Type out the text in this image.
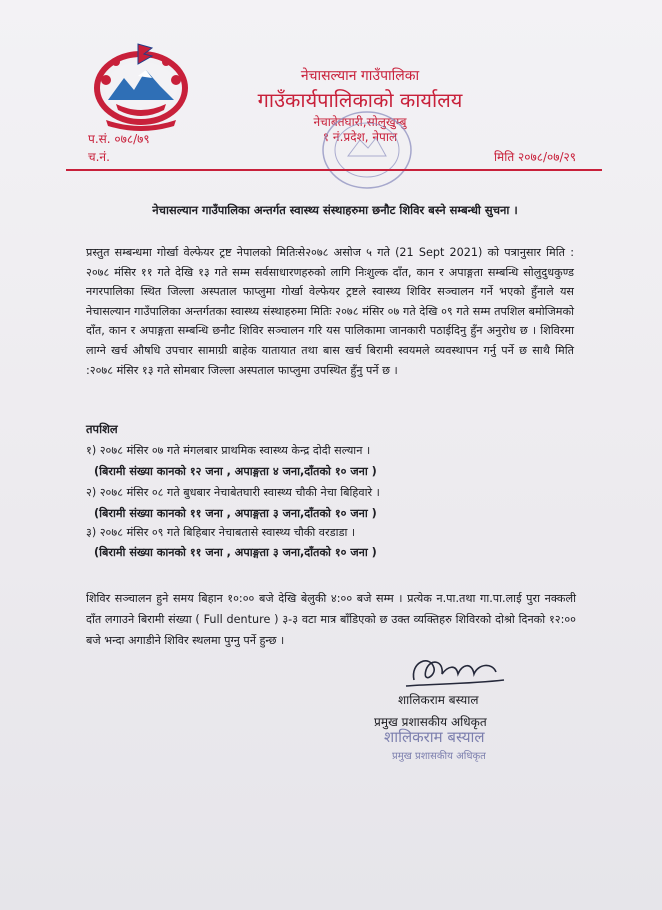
नेचासल्यान गाउँपालिका
गाउँकार्यपालिकाको कार्यालय
नेचाबेतघारी,सोलुखुम्बु
१ नं.प्रदेश, नेपाल
प.सं. ०७८/७९
च.नं.	मिति २०७८/०७/२९
नेचासल्यान गाउँपालिका अन्तर्गत स्वास्थ्य संस्थाहरुमा छनौट शिविर बस्ने सम्बन्धी सुचना ।
प्रस्तुत सम्बन्धमा गोर्खा वेल्फेयर ट्रष्ट नेपालको मितिःसे२०७८ असोज ५ गते (21 Sept 2021) को पत्रानुसार मिति : २०७८ मंसिर ११ गते देखि १३ गते सम्म सर्वसाधारणहरुको लागि निःशुल्क दाँत, कान र अपाङ्गता सम्बन्धि सोलुदुधकुण्ड नगरपालिका स्थित जिल्ला अस्पताल फाप्लुमा गोर्खा वेल्फेयर ट्रष्टले स्वास्थ्य शिविर सञ्चालन गर्ने भएको हुँनाले यस नेचासल्यान गाउँपालिका अन्तर्गतका स्वास्थ्य संस्थाहरुमा मितिः २०७८ मंसिर ०७ गते देखि ०९ गते सम्म तपशिल बमोजिमको दाँत, कान र अपाङ्गता सम्बन्धि छनौट शिविर सञ्चालन गरि यस पालिकामा जानकारी पठाईदिनु हुँन अनुरोध छ । शिविरमा लाग्ने खर्च औषधि उपचार सामाग्री बाहेक यातायात तथा बास खर्च बिरामी स्वयमले व्यवस्थापन गर्नु पर्ने छ साथै मिति :२०७८ मंसिर १३ गते सोमबार जिल्ला अस्पताल फाप्लुमा उपस्थित हुँनु पर्ने छ ।
तपशिल
१) २०७८ मंसिर ०७ गते मंगलबार प्राथमिक स्वास्थ्य केन्द्र दोदी सल्यान ।
(बिरामी संख्या कानको १२ जना , अपाङ्गता ४ जना,दाँतको १० जना )
२) २०७८ मंसिर ०८ गते बुधबार नेचाबेतघारी स्वास्थ्य चौकी नेचा बिहिवारे ।
(बिरामी संख्या कानको ११ जना , अपाङ्गता ३ जना,दाँतको १० जना )
३) २०७८ मंसिर ०९ गते बिहिबार नेचाबतासे स्वास्थ्य चौकी वरडाडा ।
(बिरामी संख्या कानको ११ जना , अपाङ्गता ३ जना,दाँतको १० जना )
शिविर सञ्चालन हुने समय बिहान १०:०० बजे देखि बेलुकी ४:०० बजे सम्म । प्रत्येक न.पा.तथा गा.पा.लाई पुरा नक्कली दाँत लगाउने बिरामी संख्या ( Full denture ) ३-३ वटा मात्र बाँडिएको छ उक्त व्यक्तिहरु शिविरको दोश्रो दिनको १२:०० बजे भन्दा अगाडीने शिविर स्थलमा पुग्नु पर्ने हुन्छ ।
शालिकराम बस्याल
प्रमुख प्रशासकीय अधिकृत
शालिकराम बस्याल
प्रमुख प्रशासकीय अधिकृत
